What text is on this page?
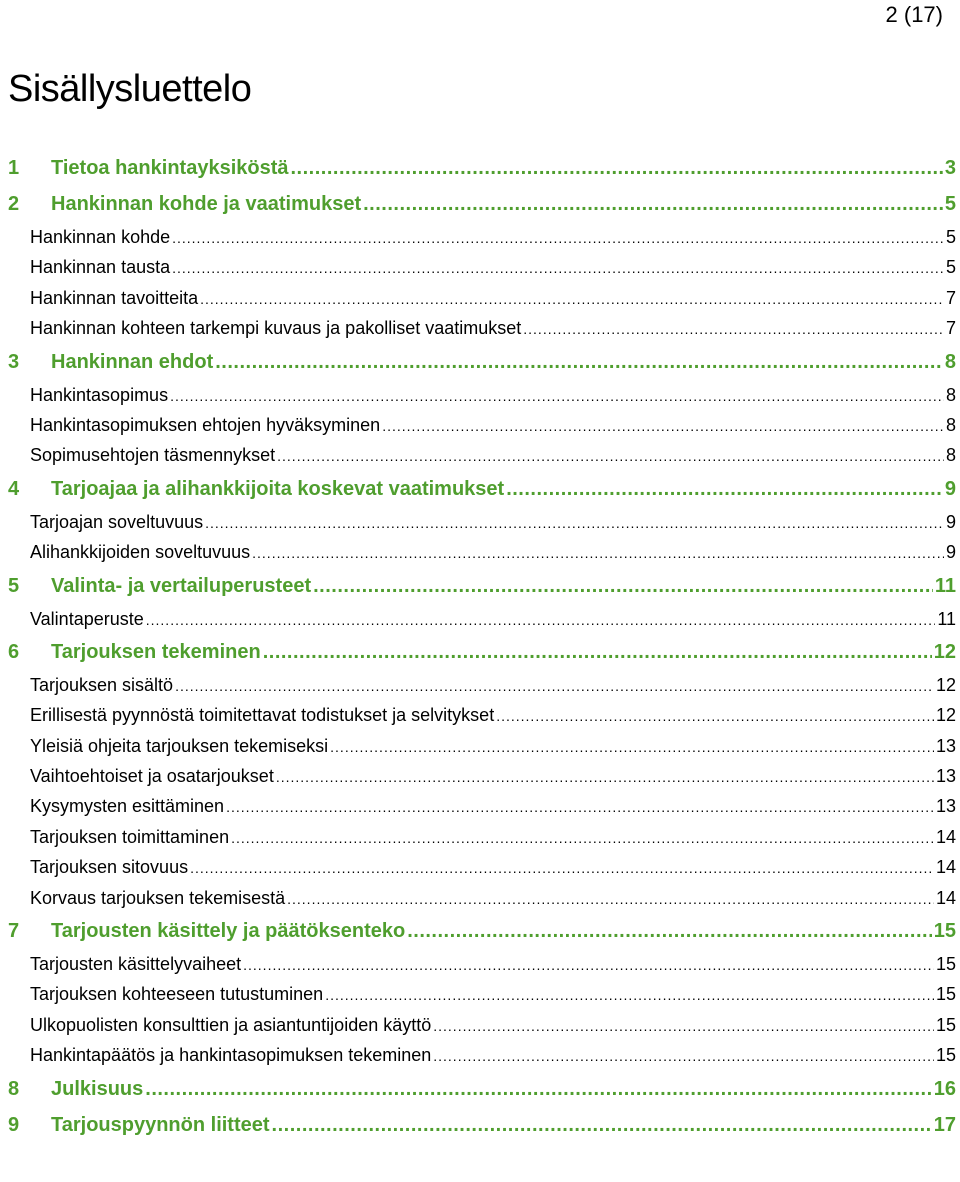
2 (17)
Sisällysluettelo
1	Tietoa hankintayksiköstä .....	3
2	Hankinnan kohde ja vaatimukset .....	5
Hankinnan kohde .....	5
Hankinnan tausta .....	5
Hankinnan tavoitteita .....	7
Hankinnan kohteen tarkempi kuvaus ja pakolliset vaatimukset .....	7
3	Hankinnan ehdot .....	8
Hankintasopimus .....	8
Hankintasopimuksen ehtojen hyväksyminen .....	8
Sopimusehtojen täsmennykset .....	8
4	Tarjoajaa ja alihankkijoita koskevat vaatimukset .....	9
Tarjoajan soveltuvuus .....	9
Alihankkijoiden soveltuvuus .....	9
5	Valinta- ja vertailuperusteet .....	11
Valintaperuste .....	11
6	Tarjouksen tekeminen .....	12
Tarjouksen sisältö .....	12
Erillisestä pyynnöstä toimitettavat todistukset ja selvitykset .....	12
Yleisiä ohjeita tarjouksen tekemiseksi .....	13
Vaihtoehtoiset ja osatarjoukset .....	13
Kysymysten esittäminen .....	13
Tarjouksen toimittaminen .....	14
Tarjouksen sitovuus .....	14
Korvaus tarjouksen tekemisestä .....	14
7	Tarjousten käsittely ja päätöksenteko .....	15
Tarjousten käsittelyvaiheet .....	15
Tarjouksen kohteeseen tutustuminen .....	15
Ulkopuolisten konsulttien ja asiantuntijoiden käyttö .....	15
Hankintapäätös ja hankintasopimuksen tekeminen .....	15
8	Julkisuus .....	16
9	Tarjouspyynnön liitteet .....	17
